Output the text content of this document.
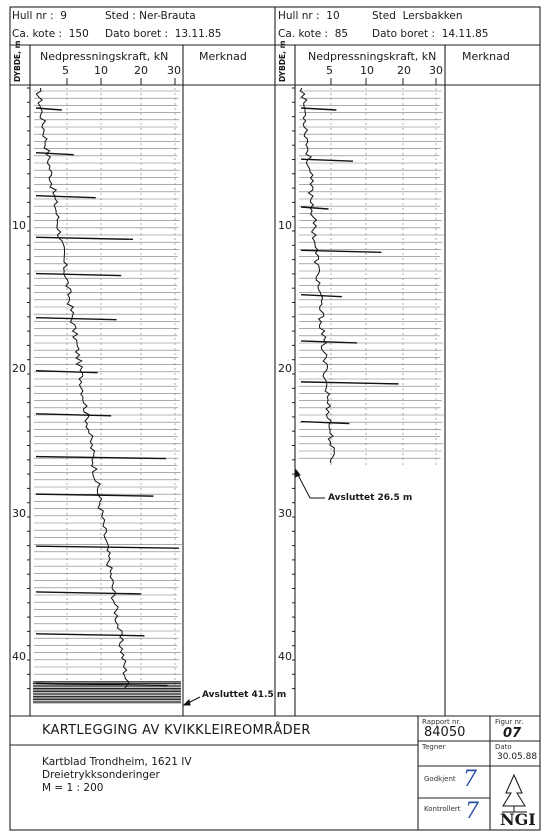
Hull nr : 9	Sted : Ner-Brauta
Ca. kote : 150 Dato boret : 13.11.85
Hull nr : 10	Sted Lersbakken
Ca. kote : 85 Dato boret : 14.11.85
DYBDE, m Nedpressningskraft, kN	Merknad
5 10 20 30	DYBDE, m Nedpressningskraft, kN Merknad
5 10 20 30
10
20
30
40
10
20
30
40
Avsluttet 41.5 m
Avsluttet 26.5 m
KARTLEGGING AV KVIKKLEIREOMRÅDER
Kartblad Trondheim, 1621 IV
Dreietrykksonderinger
M = 1 : 200
Rapport nr.
84050
Figur nr.
07
Tegner	Dato
30.05.88
Godkjent 7
Kontrollert 7 NGI
